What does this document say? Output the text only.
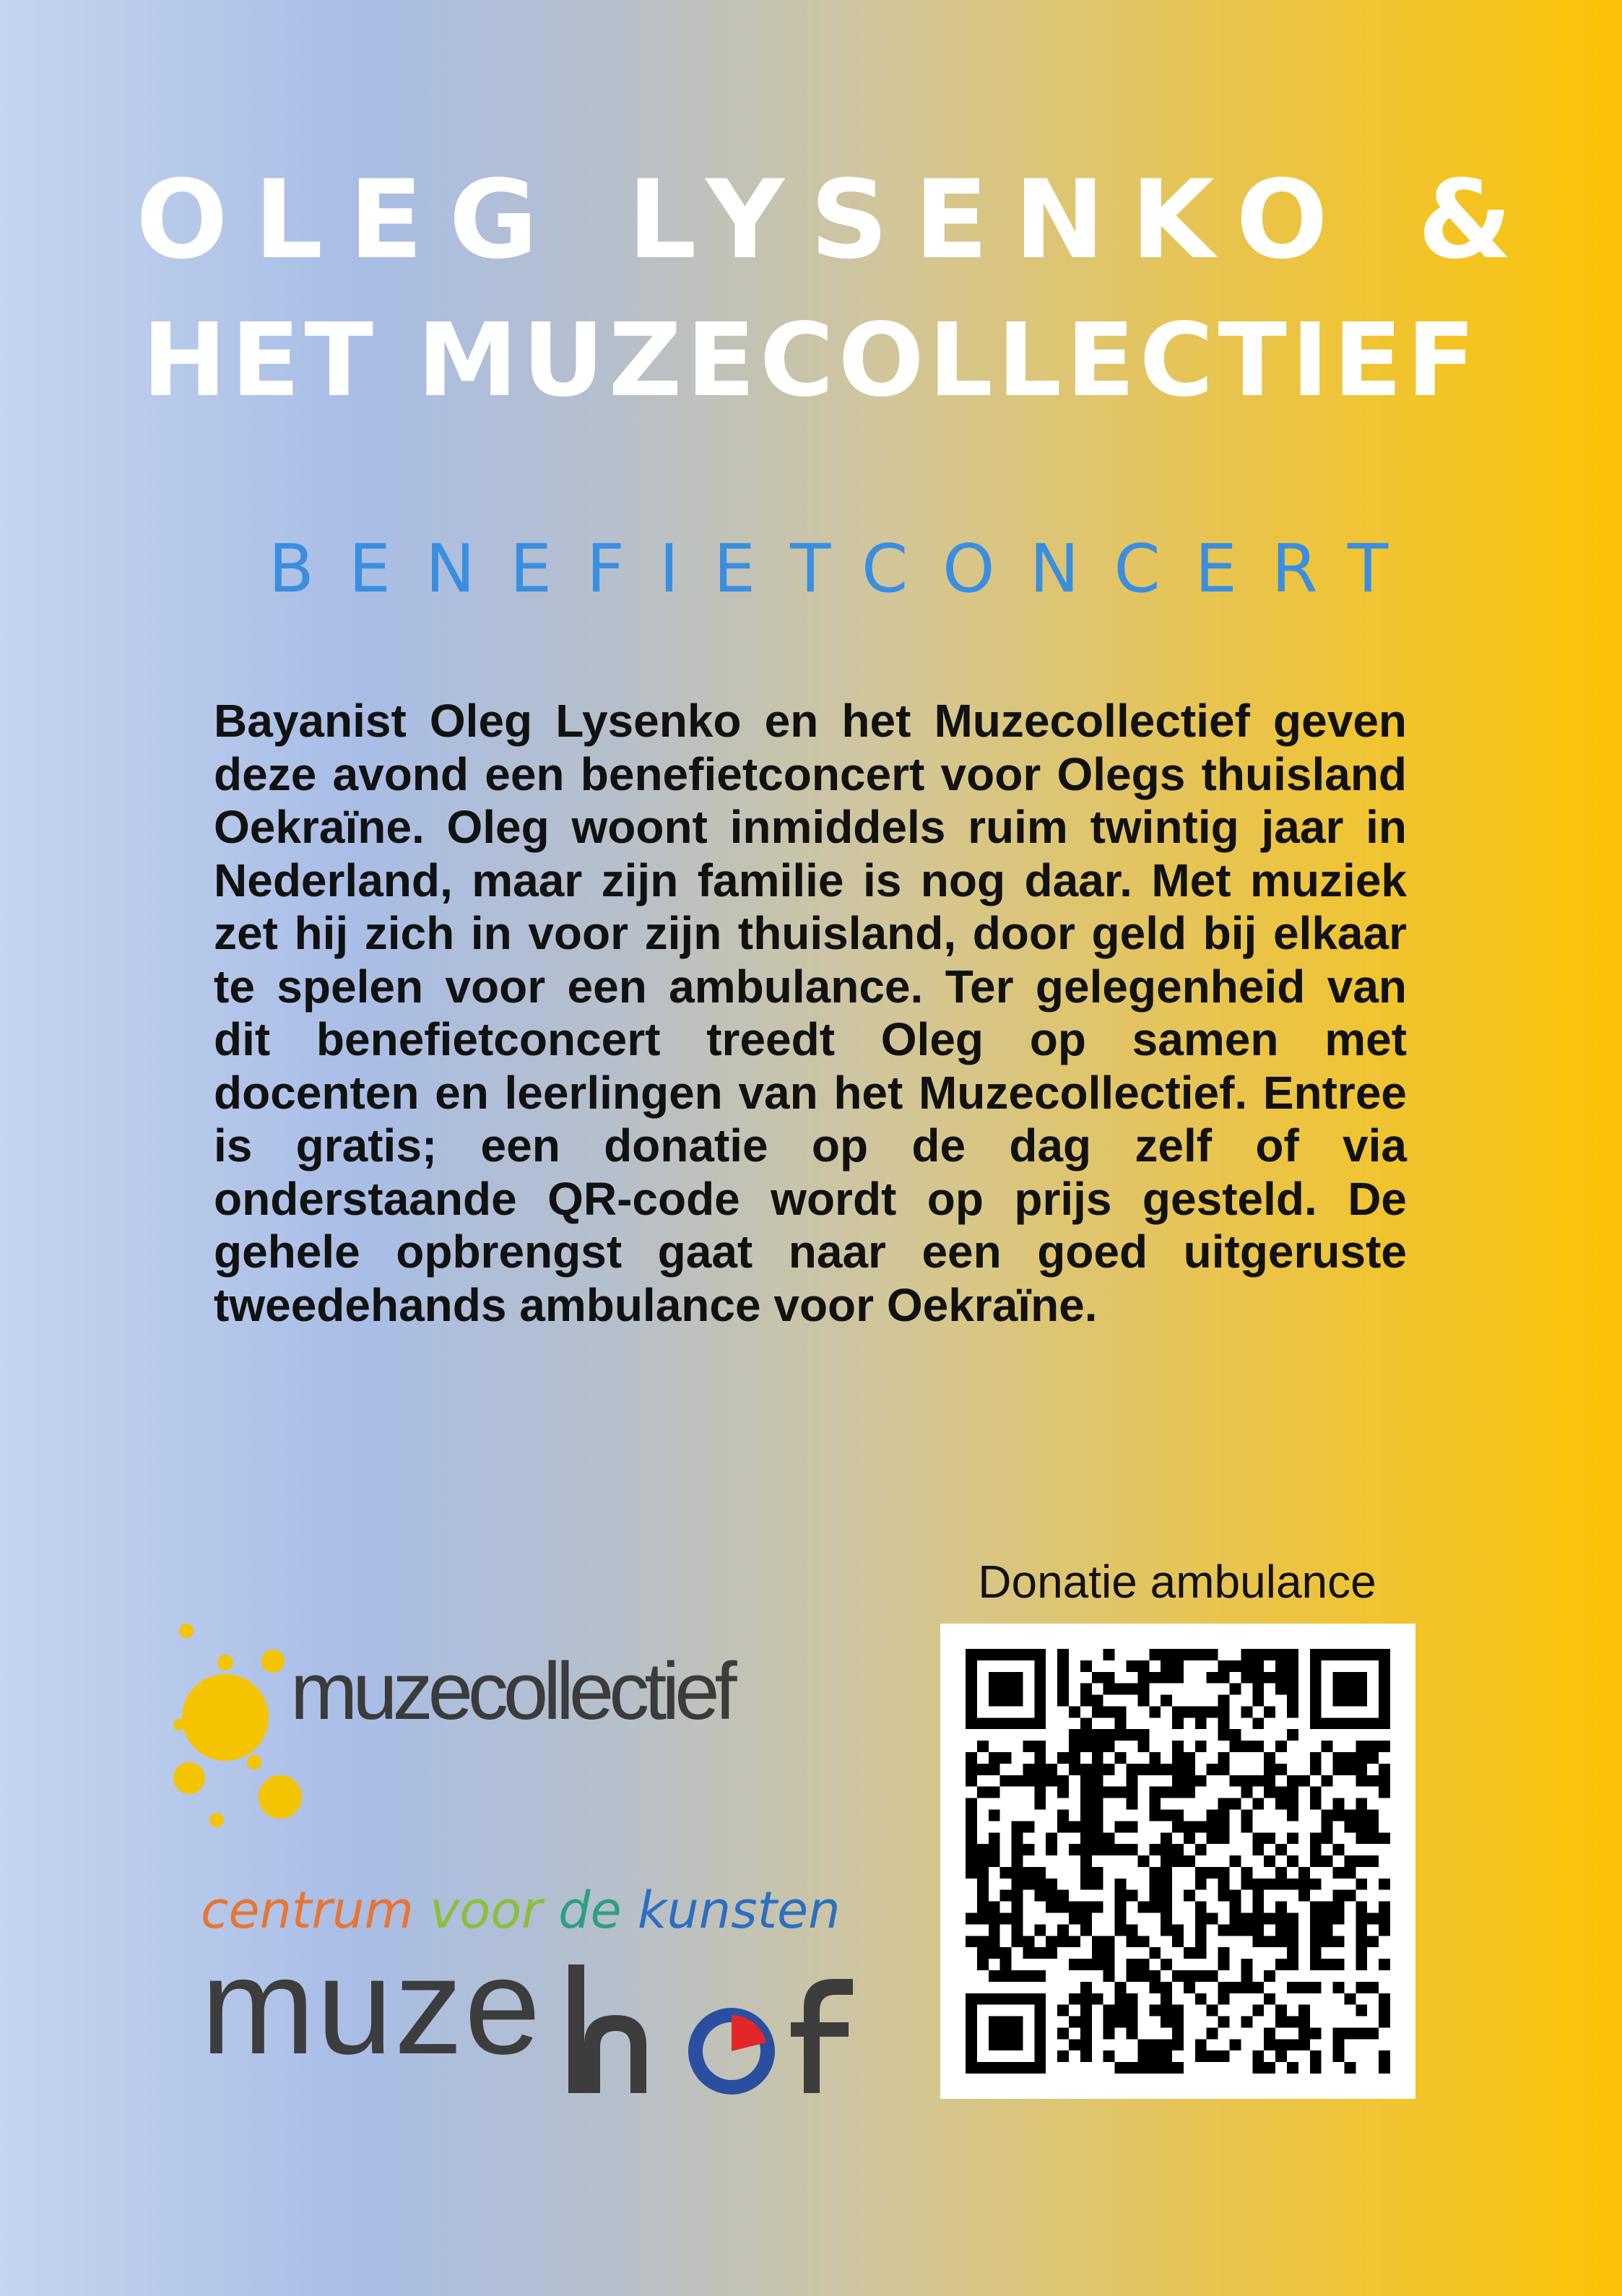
OLEG LYSENKO &
HET MUZECOLLECTIEF
BENEFIETCONCERT

Bayanist Oleg Lysenko en het Muzecollectief geven deze avond een benefietconcert voor Olegs thuisland Oekraïne. Oleg woont inmiddels ruim twintig jaar in Nederland, maar zijn familie is nog daar. Met muziek zet hij zich in voor zijn thuisland, door geld bij elkaar te spelen voor een ambulance. Ter gelegenheid van dit benefietconcert treedt Oleg op samen met docenten en leerlingen van het Muzecollectief. Entree is gratis; een donatie op de dag zelf of via onderstaande QR-code wordt op prijs gesteld. De gehele opbrengst gaat naar een goed uitgeruste tweedehands ambulance voor Oekraïne.

muzecollectief
centrum voor de kunsten
muze
Donatie ambulance
